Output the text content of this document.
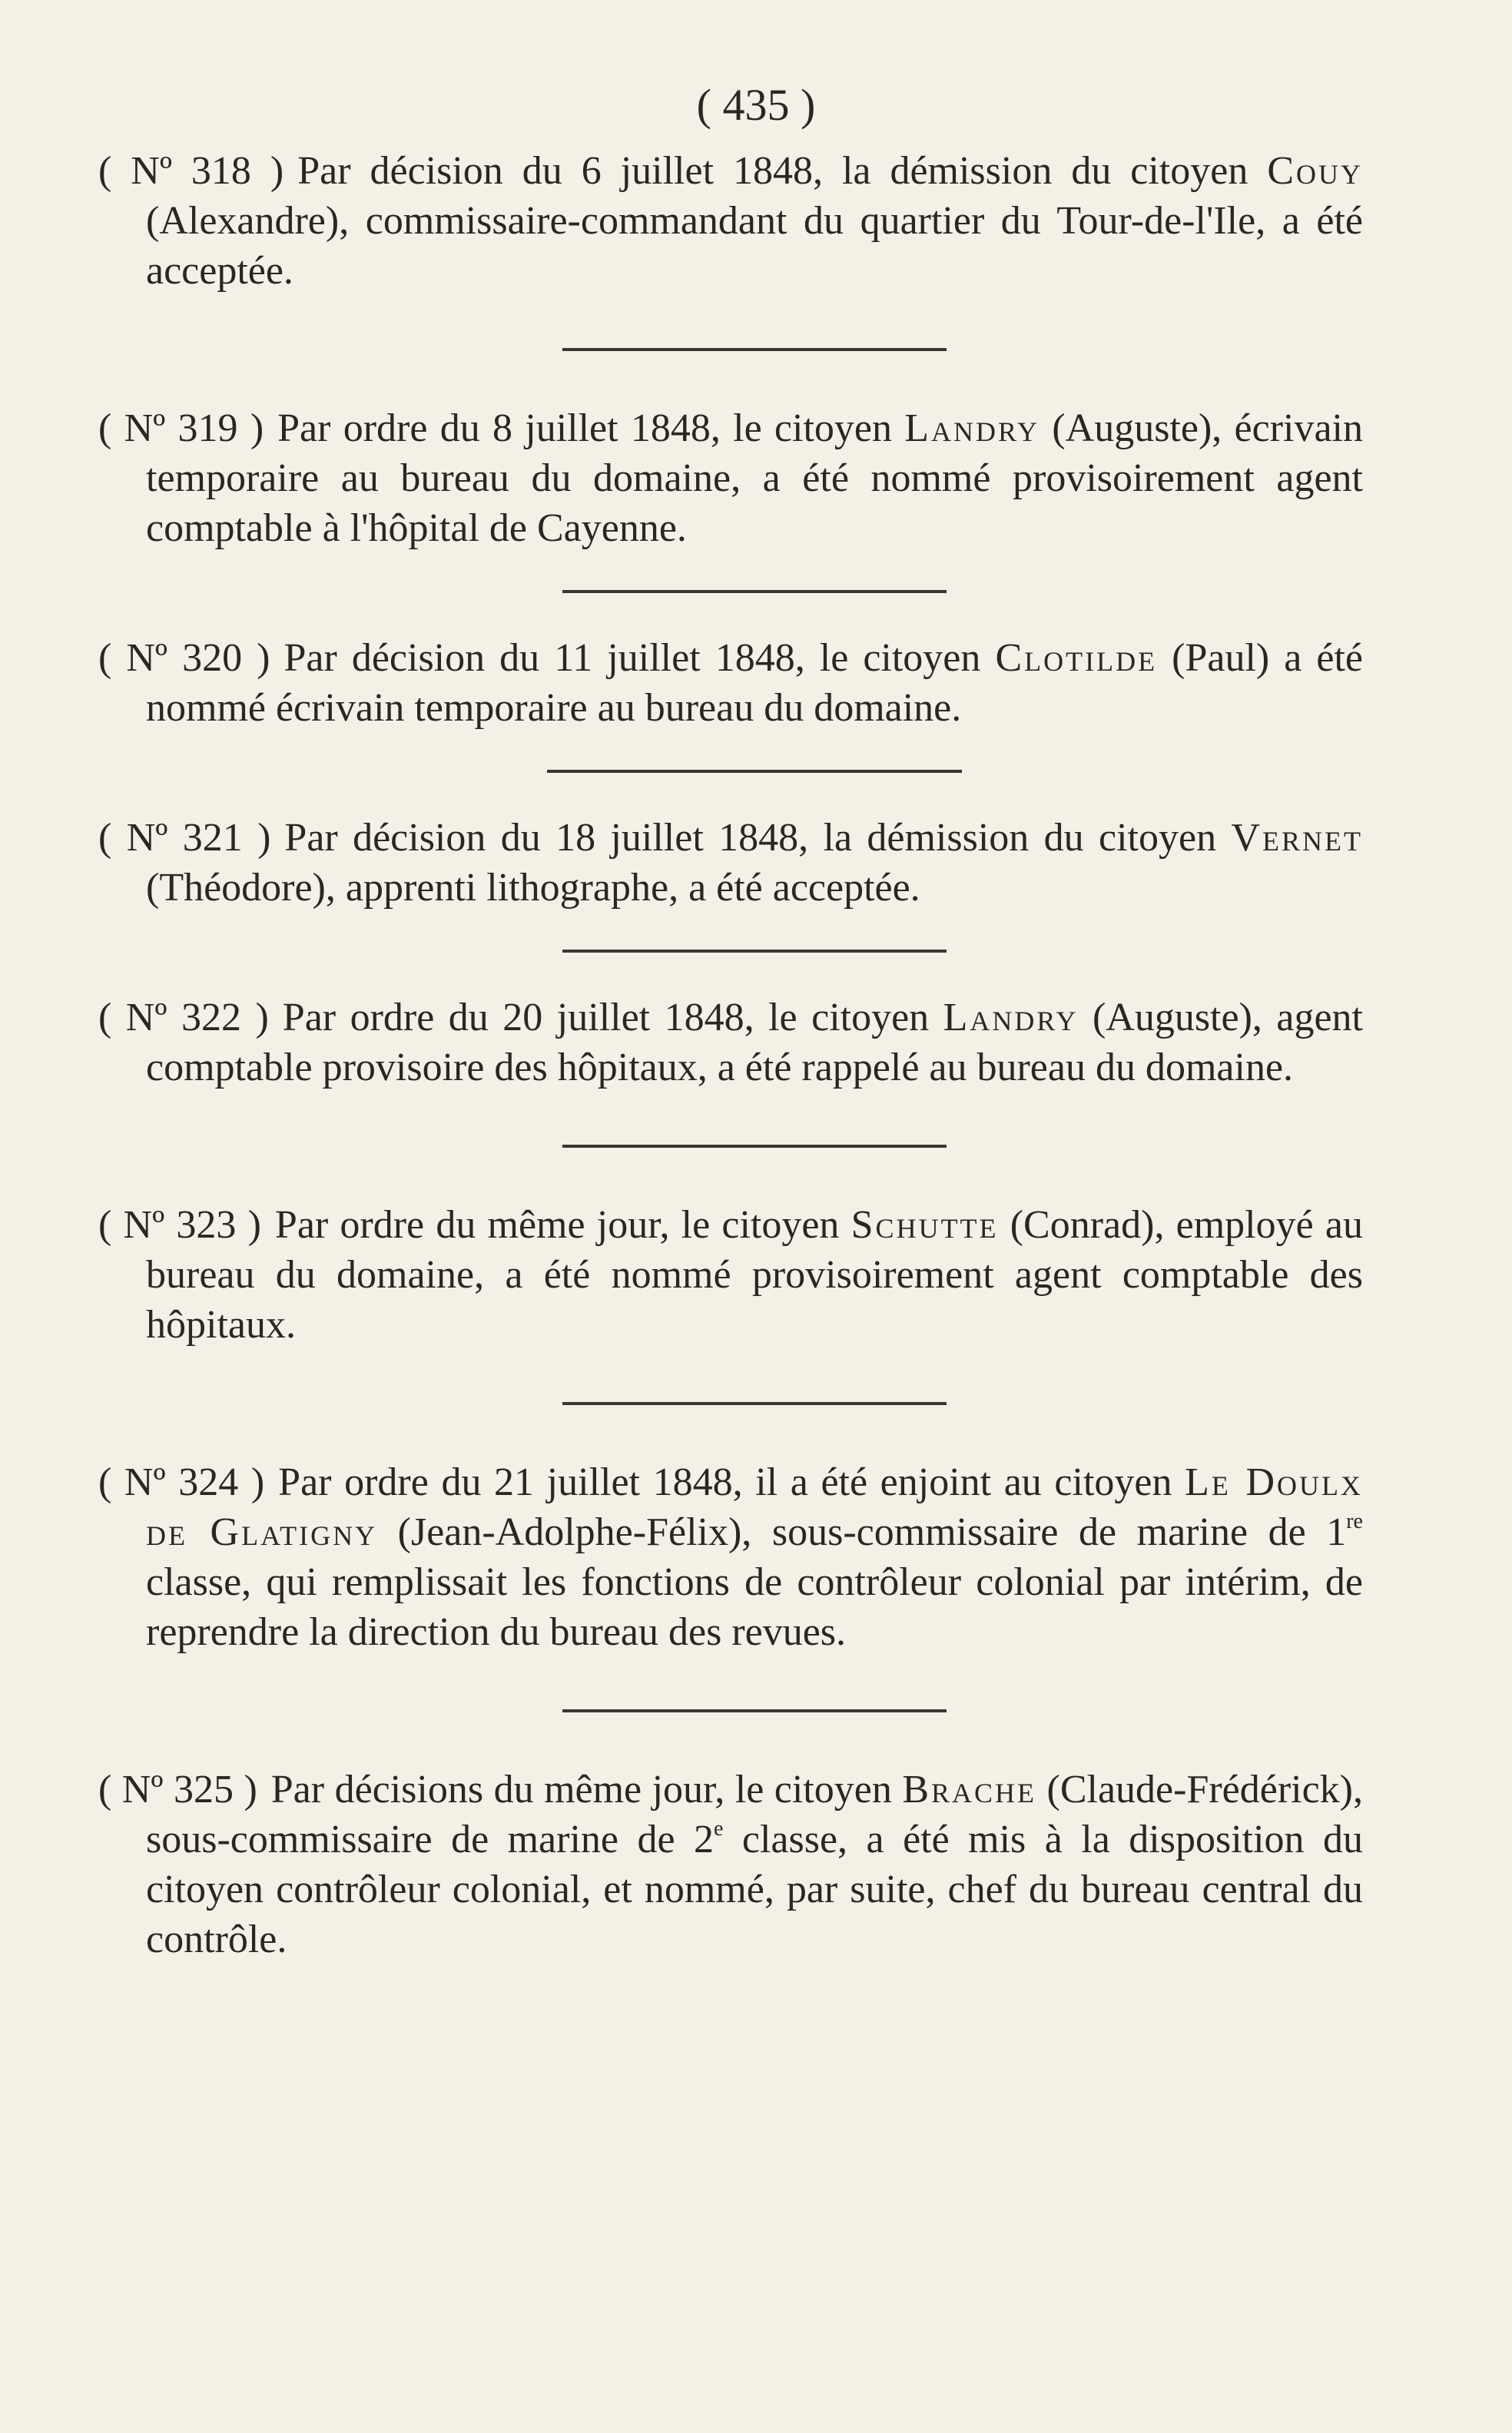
( 435 )

( Nº 318 ) Par décision du 6 juillet 1848, la démission du citoyen Couy (Alexandre), commissaire-commandant du quartier du Tour-de-l'Ile, a été acceptée.

( Nº 319 ) Par ordre du 8 juillet 1848, le citoyen Landry (Auguste), écrivain temporaire au bureau du domaine, a été nommé provisoirement agent comptable à l'hôpital de Cayenne.

( Nº 320 ) Par décision du 11 juillet 1848, le citoyen Clotilde (Paul) a été nommé écrivain temporaire au bureau du domaine.

( Nº 321 ) Par décision du 18 juillet 1848, la démission du citoyen Vernet (Théodore), apprenti lithographe, a été acceptée.

( Nº 322 ) Par ordre du 20 juillet 1848, le citoyen Landry (Auguste), agent comptable provisoire des hôpitaux, a été rappelé au bureau du domaine.

( Nº 323 ) Par ordre du même jour, le citoyen Schutte (Conrad), employé au bureau du domaine, a été nommé provisoirement agent comptable des hôpitaux.

( Nº 324 ) Par ordre du 21 juillet 1848, il a été enjoint au citoyen Le Doulx de Glatigny (Jean-Adolphe-Félix), sous-commissaire de marine de 1re classe, qui remplissait les fonctions de contrôleur colonial par intérim, de reprendre la direction du bureau des revues.

( Nº 325 ) Par décisions du même jour, le citoyen Brache (Claude-Frédérick), sous-commissaire de marine de 2e classe, a été mis à la disposition du citoyen contrôleur colonial, et nommé, par suite, chef du bureau central du contrôle.
